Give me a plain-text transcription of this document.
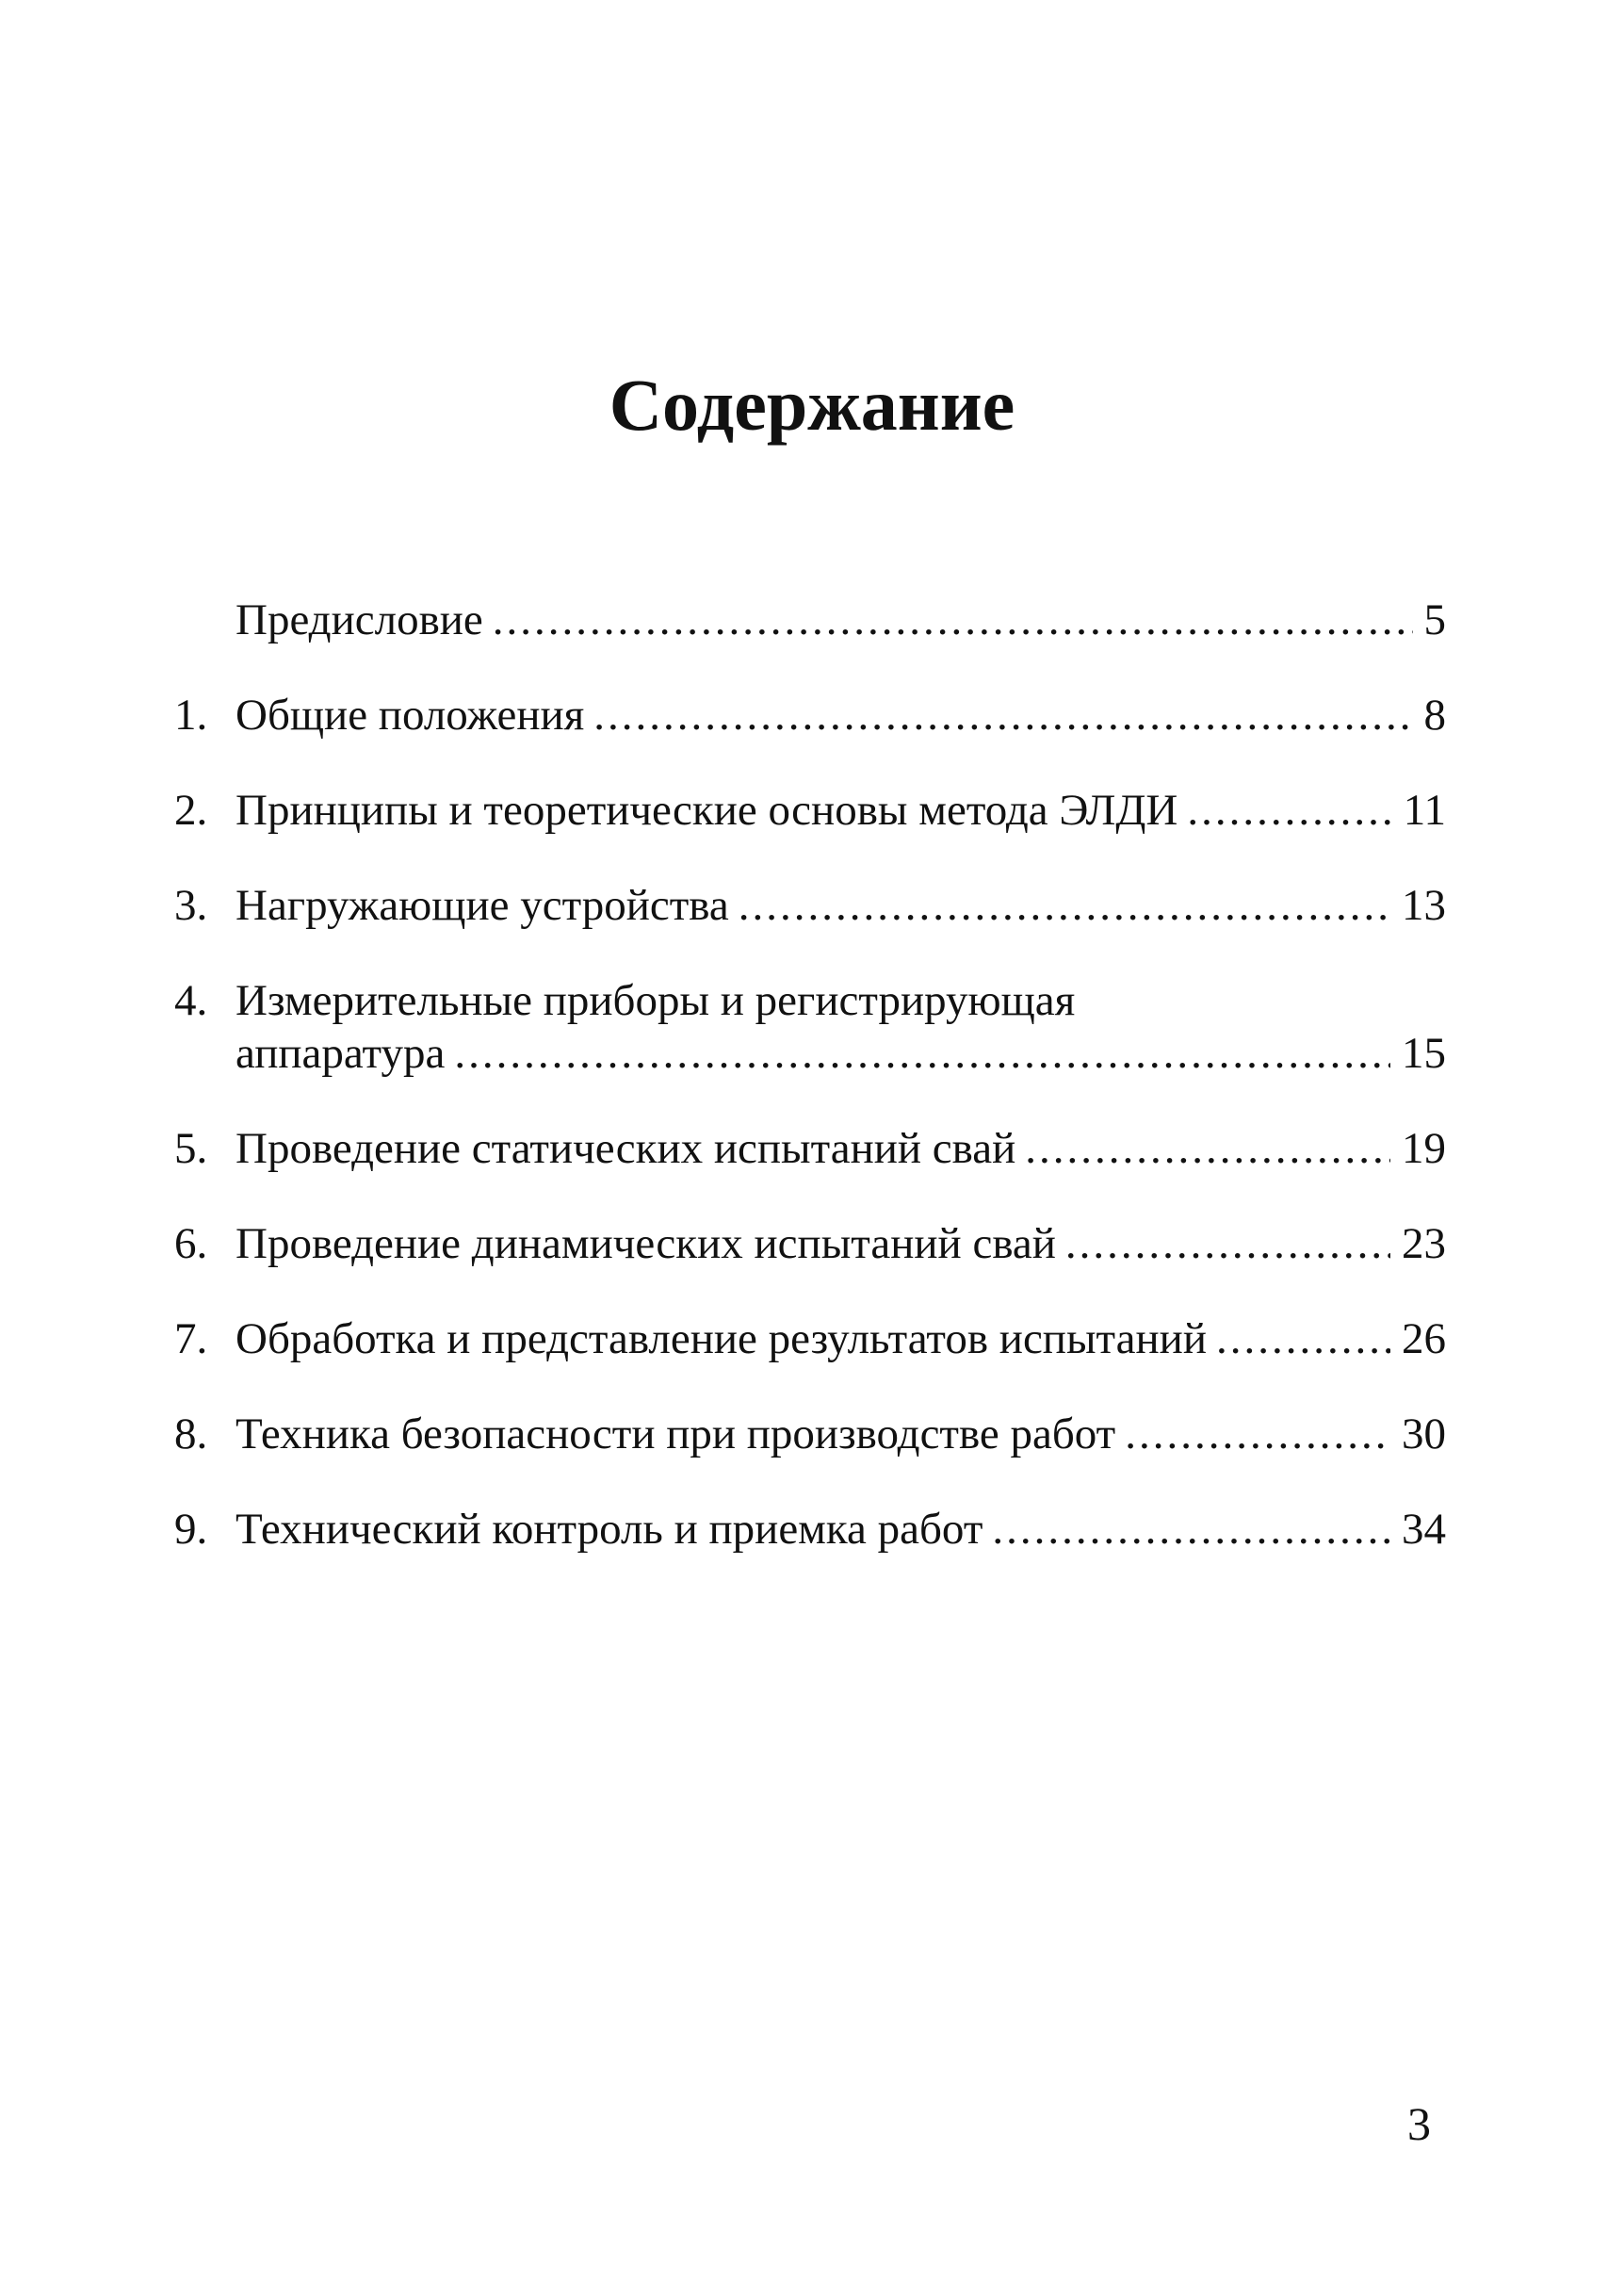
Содержание
Предисловие .....	5
1. Общие положения .....	8
2. Принципы и теоретические основы метода ЭЛДИ .....	11
3. Нагружающие устройства .....	13
4. Измерительные приборы и регистрирующая
аппаратура .....	15
5. Проведение статических испытаний свай .....	19
6. Проведение динамических испытаний свай .....	23
7. Обработка и представление результатов испытаний .....	26
8. Техника безопасности при производстве работ .....	30
9. Технический контроль и приемка работ .....	34
3
